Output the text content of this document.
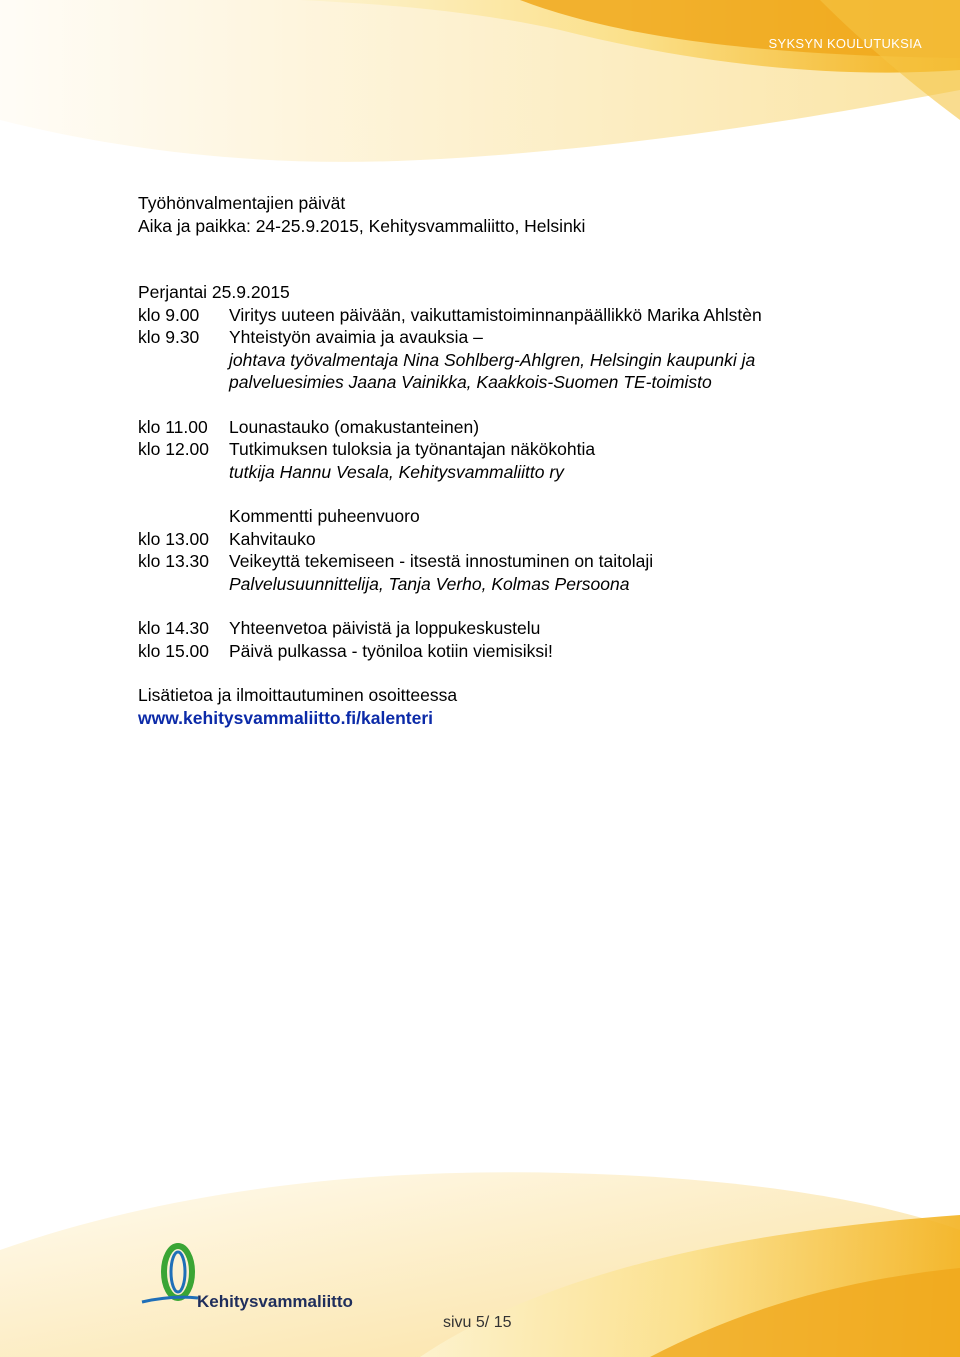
SYKSYN KOULUTUKSIA
Työhönvalmentajien päivät
Aika ja paikka: 24-25.9.2015, Kehitysvammaliitto, Helsinki
Perjantai 25.9.2015
klo 9.00	Viritys uuteen päivään, vaikuttamistoiminnanpäällikkö Marika Ahlstèn
klo 9.30	Yhteistyön avaimia ja avauksia –
johtava työvalmentaja Nina Sohlberg-Ahlgren, Helsingin kaupunki ja
palveluesimies Jaana Vainikka, Kaakkois-Suomen TE-toimisto
klo 11.00	Lounastauko (omakustanteinen)
klo 12.00	Tutkimuksen tuloksia ja työnantajan näkökohtia
tutkija Hannu Vesala, Kehitysvammaliitto ry
Kommentti puheenvuoro
klo 13.00	Kahvitauko
klo 13.30	Veikeyttä tekemiseen - itsestä innostuminen on taitolaji
Palvelusuunnittelija, Tanja Verho, Kolmas Persoona
klo 14.30	Yhteenvetoa päivistä ja loppukeskustelu
klo 15.00	Päivä pulkassa - työniloa kotiin viemisiksi!
Lisätietoa ja ilmoittautuminen osoitteessa
www.kehitysvammaliitto.fi/kalenteri
Kehitysvammaliitto
sivu 5/ 15
